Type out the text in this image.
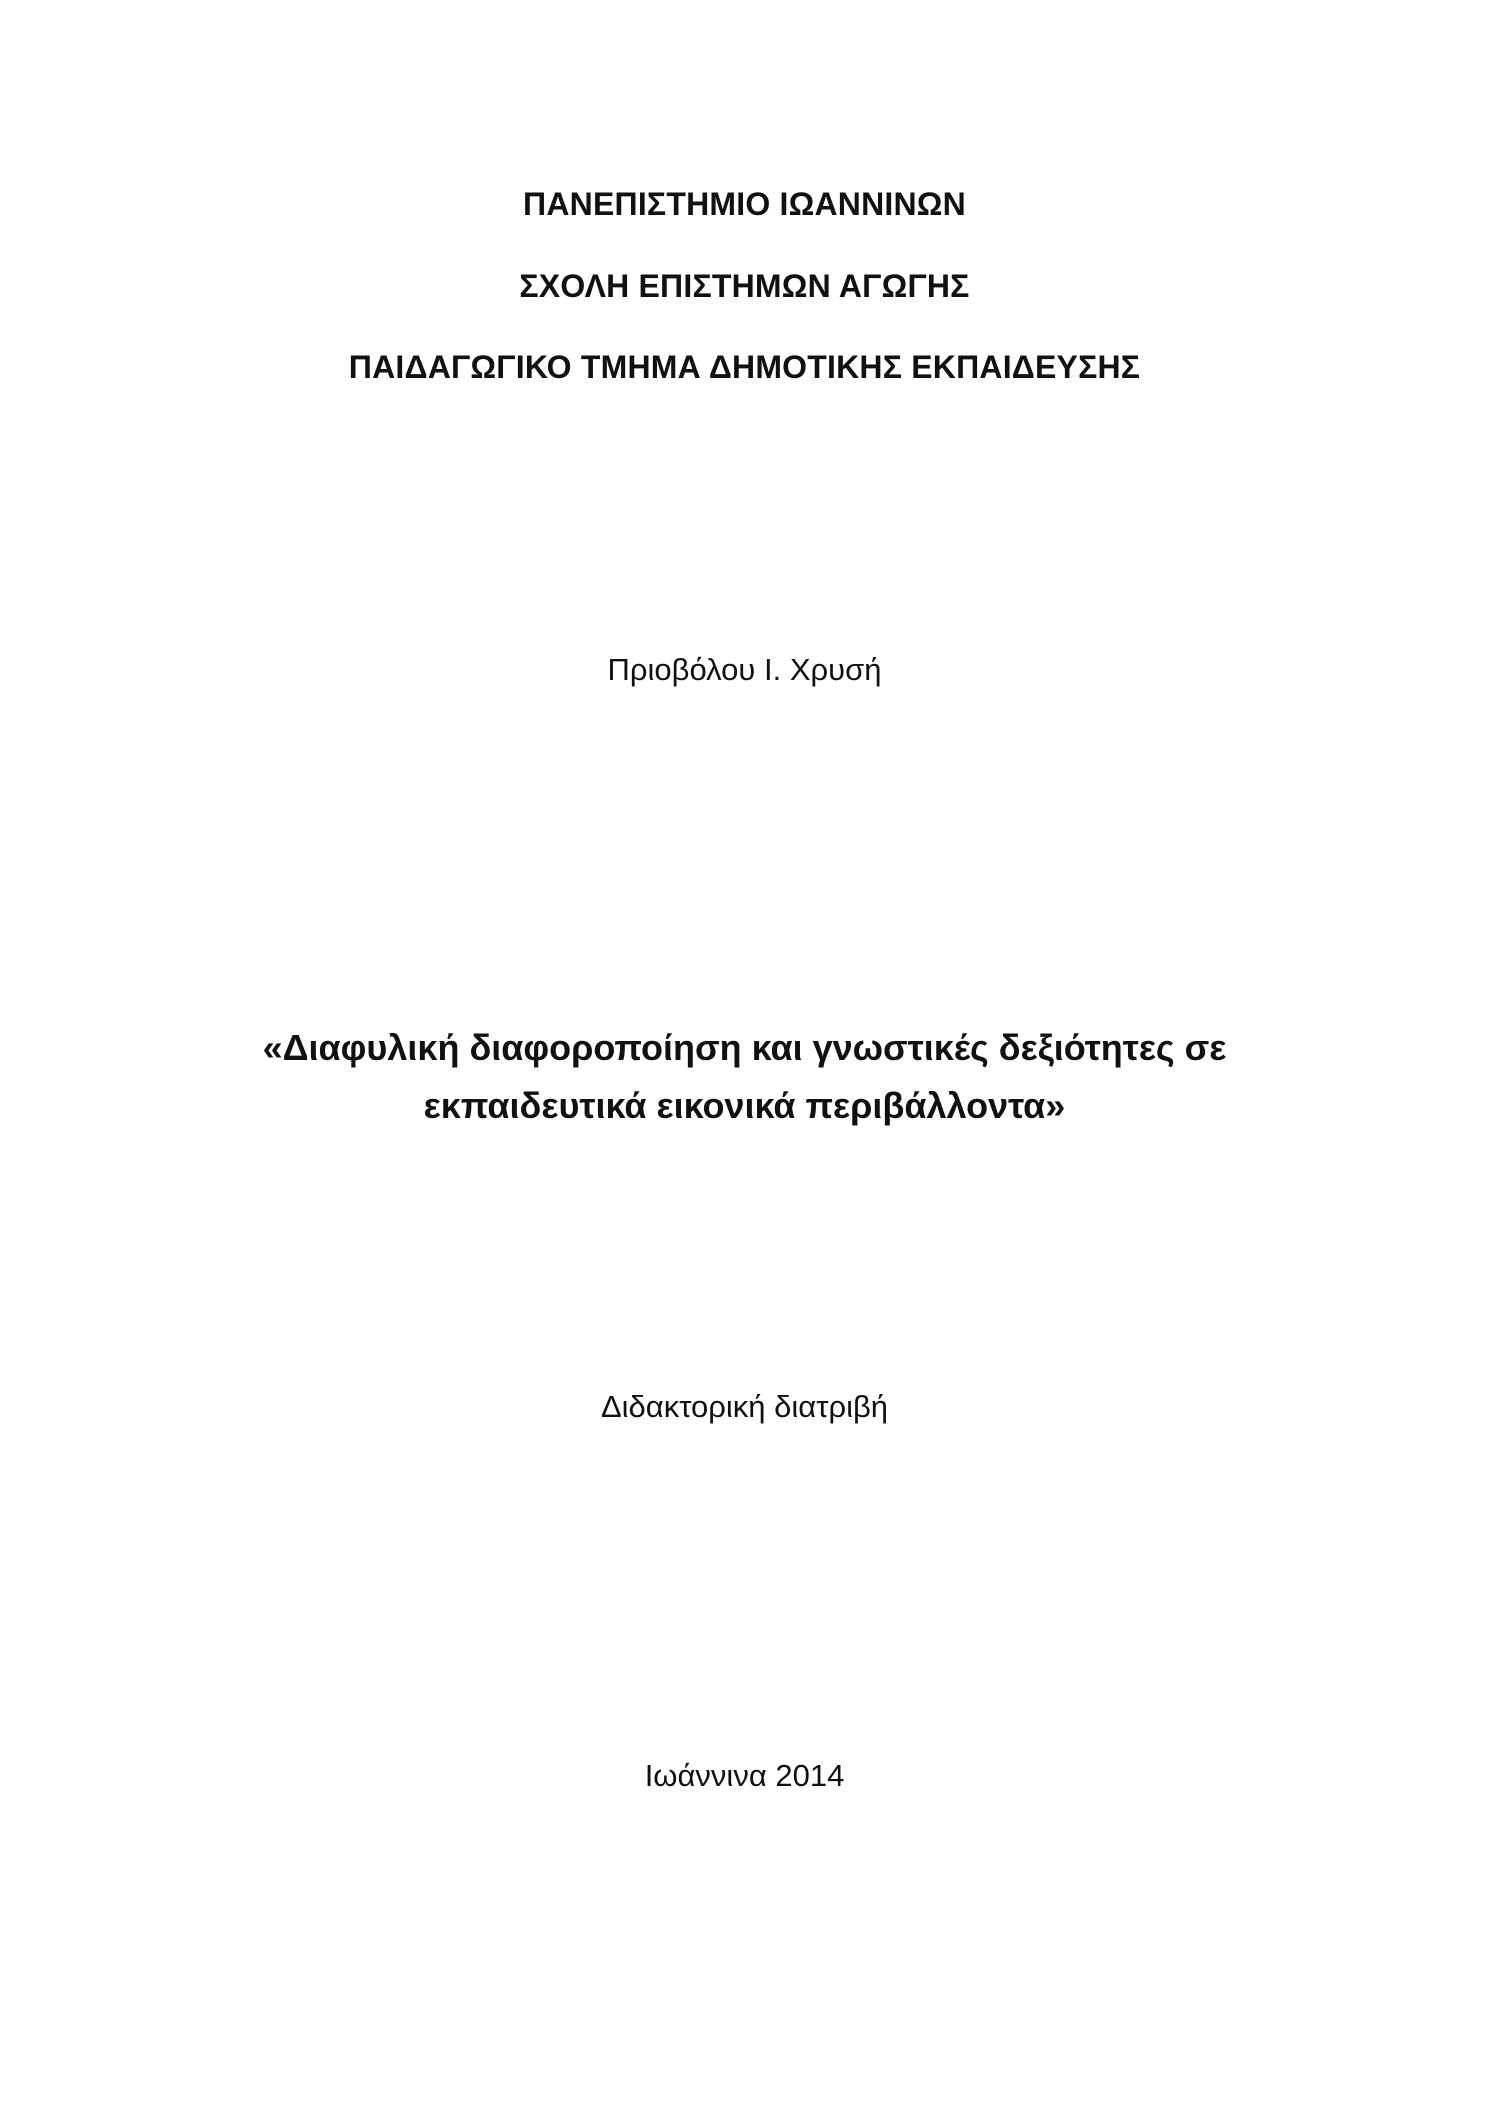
ΠΑΝΕΠΙΣΤΗΜΙΟ ΙΩΑΝΝΙΝΩΝ
ΣΧΟΛΗ ΕΠΙΣΤΗΜΩΝ ΑΓΩΓΗΣ
ΠΑΙΔΑΓΩΓΙΚΟ ΤΜΗΜΑ ΔΗΜΟΤΙΚΗΣ ΕΚΠΑΙΔΕΥΣΗΣ
Πριοβόλου Ι. Χρυσή
«Διαφυλική διαφοροποίηση και γνωστικές δεξιότητες σε
εκπαιδευτικά εικονικά περιβάλλοντα»
Διδακτορική διατριβή
Ιωάννινα 2014
